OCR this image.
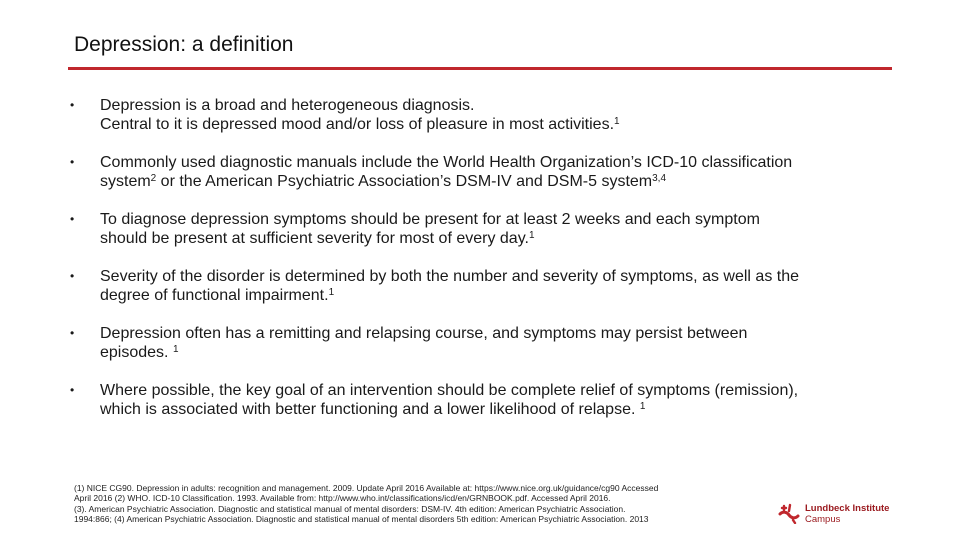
Depression: a definition
• Depression is a broad and heterogeneous diagnosis.

Central to it is depressed mood and/or loss of pleasure in most activities.$^1$

• Commonly used diagnostic manuals include the World Health Organization’s ICD-10 classification

system$^2$ or the American Psychiatric Association’s DSM-IV and DSM-5 system$^{3,4}$

• To diagnose depression symptoms should be present for at least 2 weeks and each symptom

should be present at sufficient severity for most of every day.$^1$

• Severity of the disorder is determined by both the number and severity of symptoms, as well as the

degree of functional impairment.$^1$

• Depression often has a remitting and relapsing course, and symptoms may persist between

episodes. $^1$

• Where possible, the key goal of an intervention should be complete relief of symptoms (remission),

which is associated with better functioning and a lower likelihood of relapse. $^1$

(1) NICE CG90. Depression in adults: recognition and management. 2009. Update April 2016 Available at: https://www.nice.org.uk/guidance/cg90 Accessed

April 2016 (2) WHO. ICD-10 Classification. 1993. Available from: http://www.who.int/classifications/icd/en/GRNBOOK.pdf. Accessed April 2016.

(3). American Psychiatric Association. Diagnostic and statistical manual of mental disorders: DSM-IV. 4th edition: American Psychiatric Association.

1994:866; (4) American Psychiatric Association. Diagnostic and statistical manual of mental disorders 5th edition: American Psychiatric Association. 2013

Lundbeck Institute
Campus
